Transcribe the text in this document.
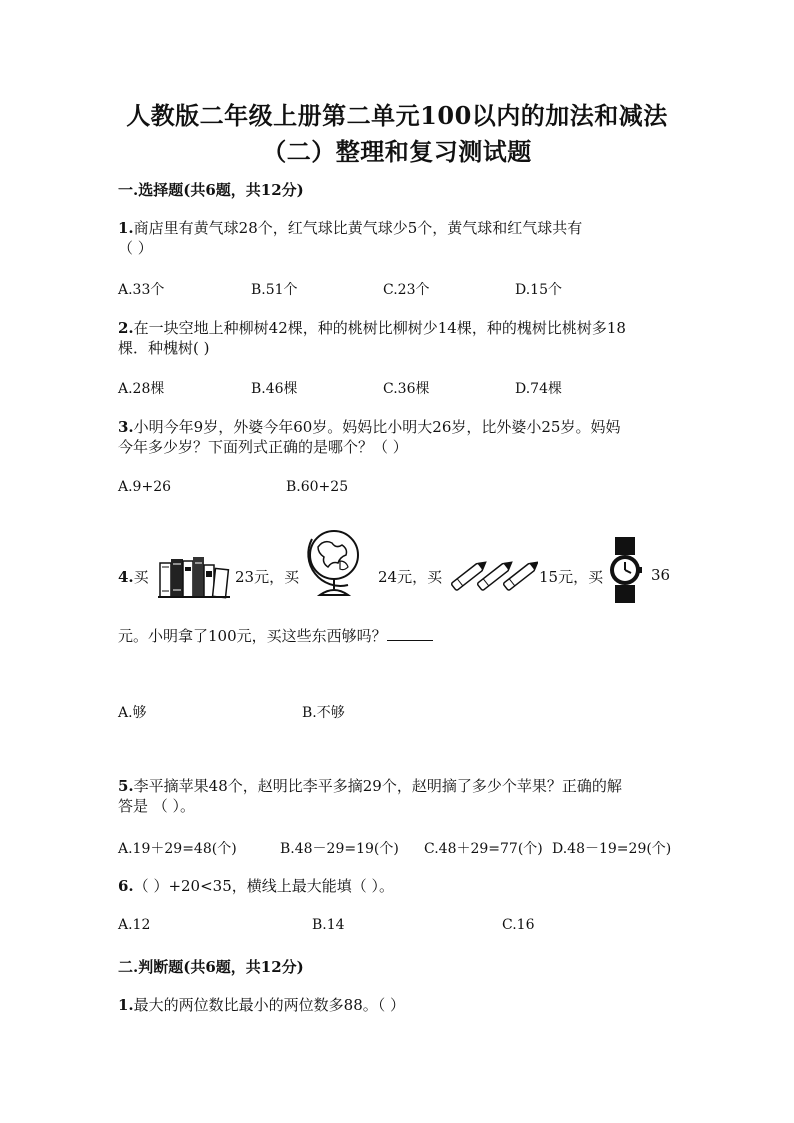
人教版二年级上册第二单元100以内的加法和减法
（二）整理和复习测试题
一.选择题(共6题，共12分)
1.商店里有黄气球28个，红气球比黄气球少5个，黄气球和红气球共有
（ ）
A.33个	B.51个	C.23个	D.15个
2.在一块空地上种柳树42棵，种的桃树比柳树少14棵，种的槐树比桃树多18
棵．种槐树( )
A.28棵	B.46棵	C.36棵	D.74棵
3.小明今年9岁，外婆今年60岁。妈妈比小明大26岁，比外婆小25岁。妈妈
今年多少岁？下面列式正确的是哪个？（ ）
A.9+26	B.60+25
4.买	23元，买	24元，买	15元，买	36
元。小明拿了100元，买这些东西够吗？
A.够	B.不够
5.李平摘苹果48个，赵明比李平多摘29个，赵明摘了多少个苹果？正确的解
答是 （ ）。
A.19＋29=48(个)	B.48－29=19(个) C.48＋29=77(个) D.48－19=29(个)
6.（ ）+20<35，横线上最大能填（ ）。
A.12	B.14	C.16
二.判断题(共6题，共12分)
1.最大的两位数比最小的两位数多88。（ ）
